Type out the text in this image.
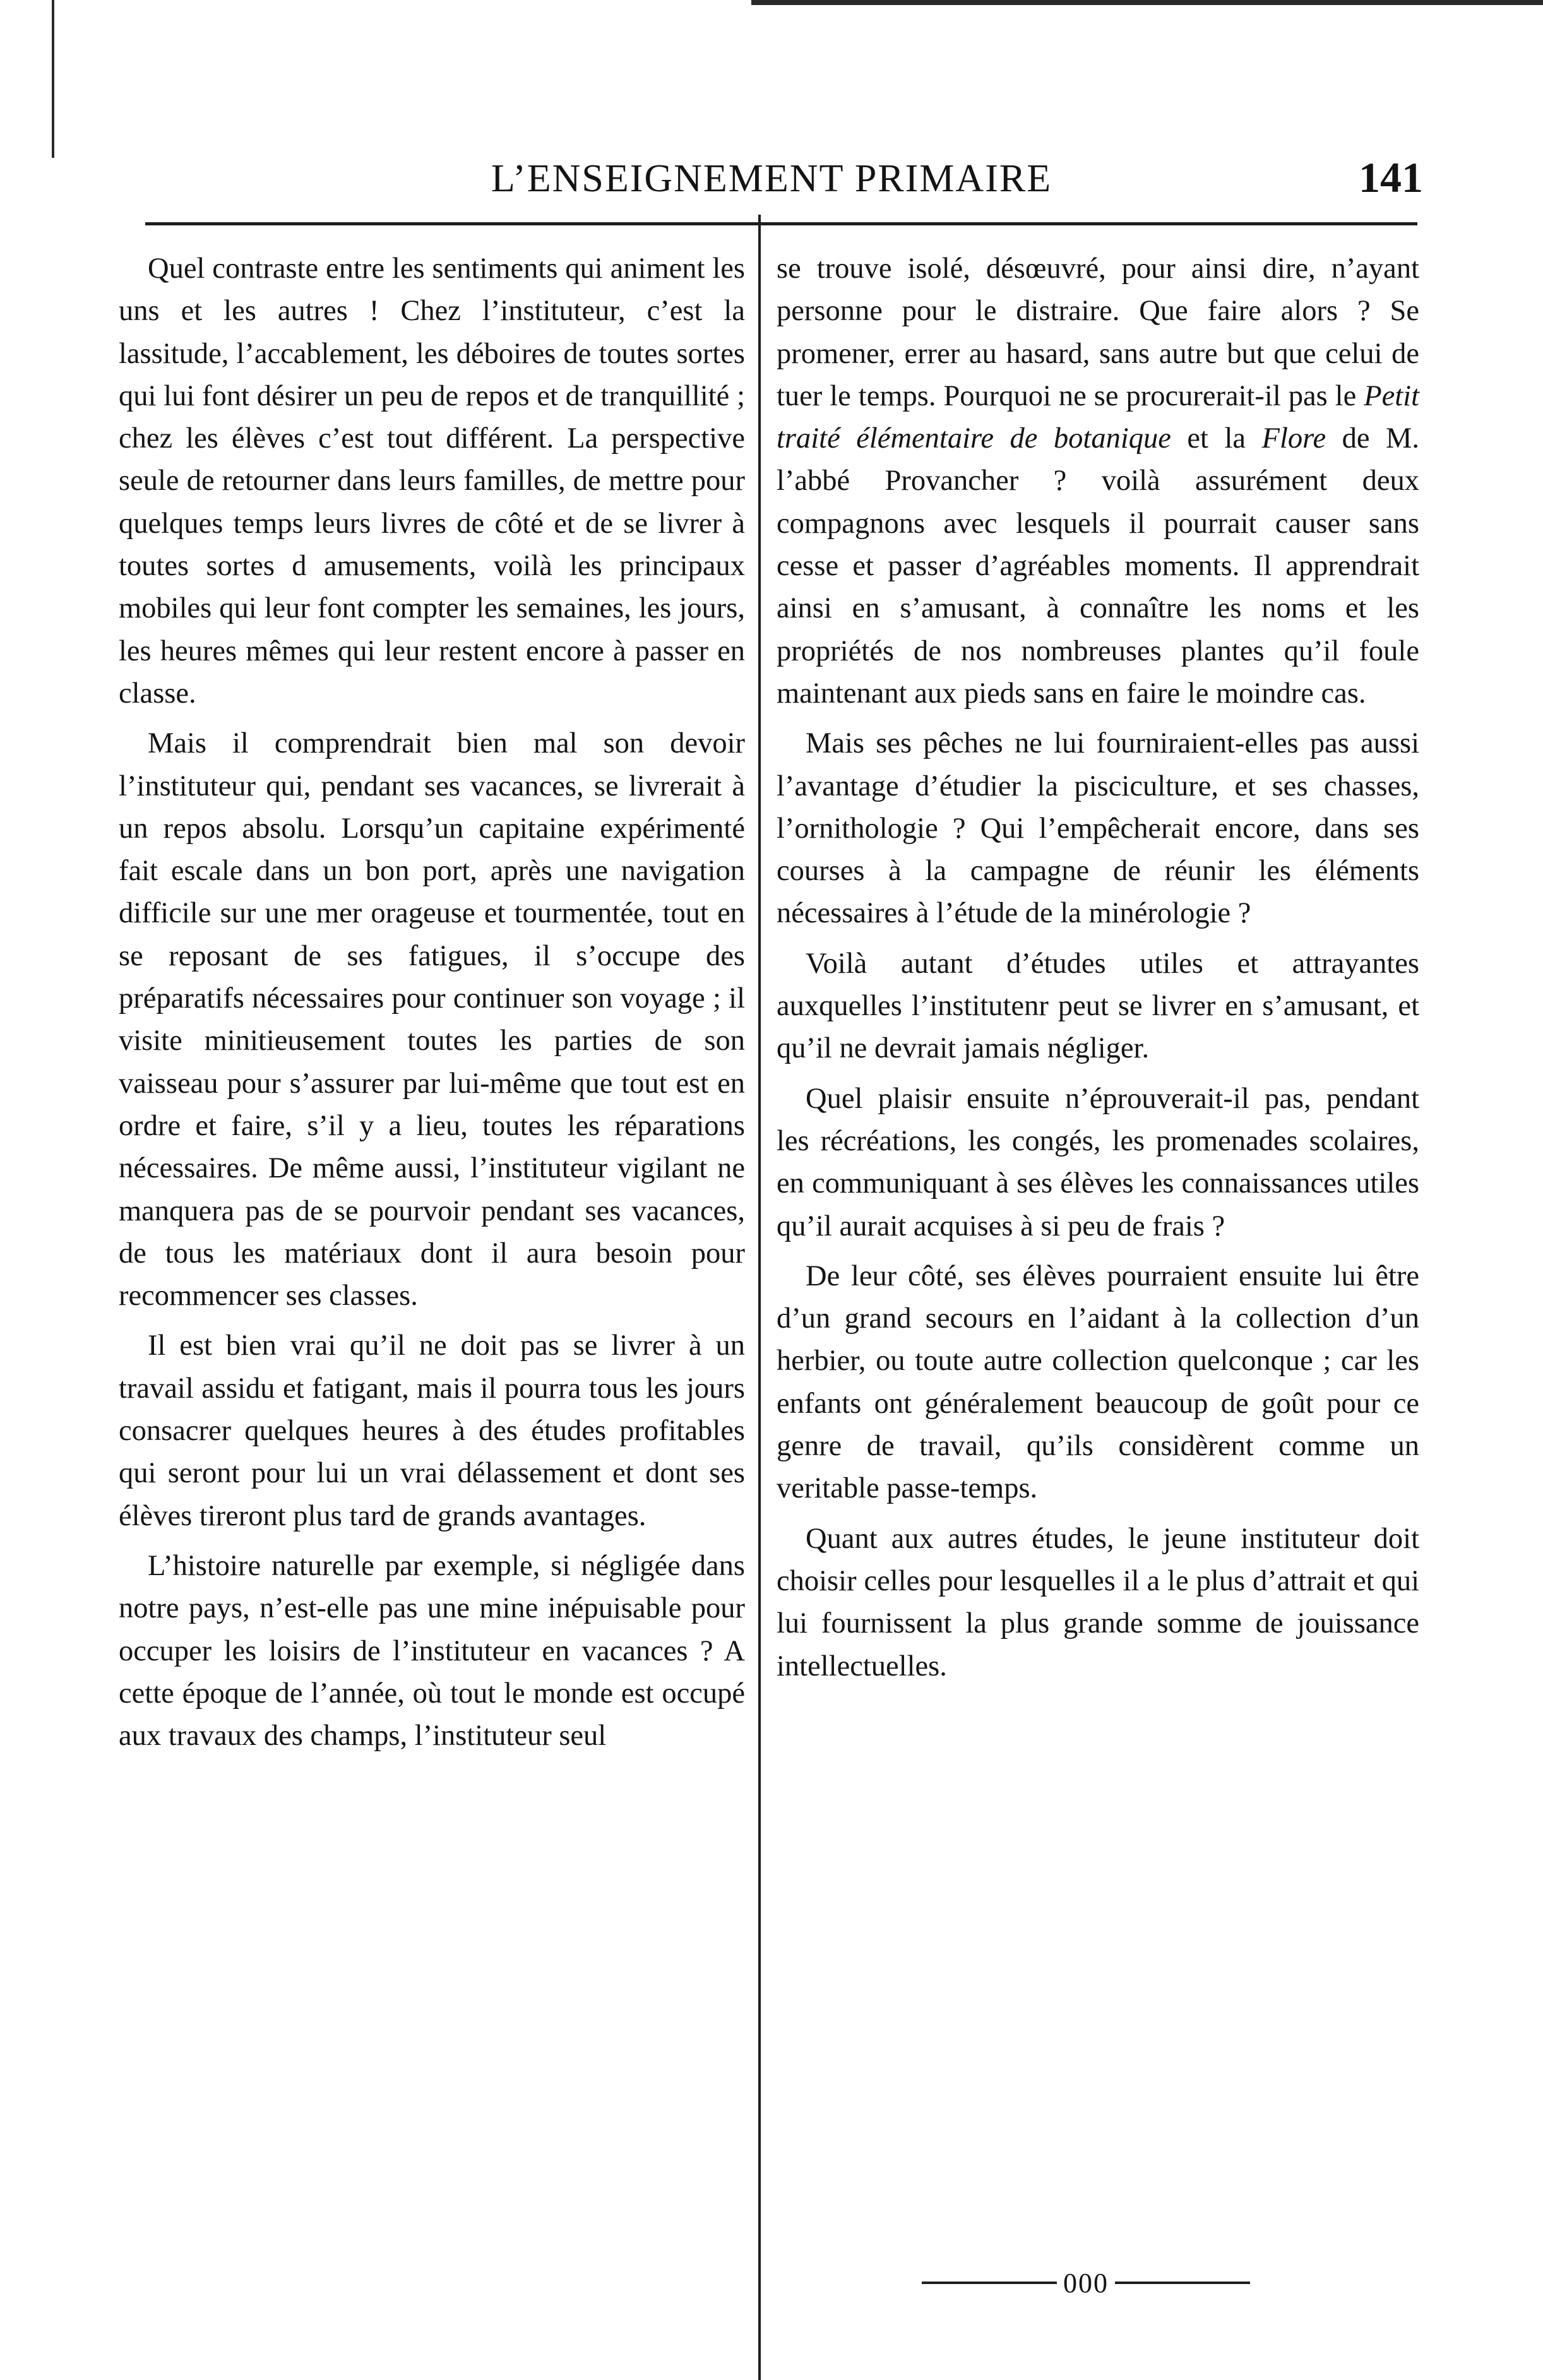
L’ENSEIGNEMENT PRIMAIRE	141

Quel contraste entre les sentiments qui animent les uns et les autres ! Chez l’instituteur, c’est la lassitude, l’accablement, les déboires de toutes sortes qui lui font désirer un peu de repos et de tranquillité ; chez les élèves c’est tout différent. La perspective seule de retourner dans leurs familles, de mettre pour quelques temps leurs livres de côté et de se livrer à toutes sortes d amusements, voilà les principaux mobiles qui leur font compter les semaines, les jours, les heures mêmes qui leur restent encore à passer en classe.

Mais il comprendrait bien mal son devoir l’instituteur qui, pendant ses vacances, se livrerait à un repos absolu. Lorsqu’un capitaine expérimenté fait escale dans un bon port, après une navigation difficile sur une mer orageuse et tourmentée, tout en se reposant de ses fatigues, il s’occupe des préparatifs nécessaires pour continuer son voyage ; il visite minitieusement toutes les parties de son vaisseau pour s’assurer par lui-même que tout est en ordre et faire, s’il y a lieu, toutes les réparations nécessaires. De même aussi, l’instituteur vigilant ne manquera pas de se pourvoir pendant ses vacances, de tous les matériaux dont il aura besoin pour recommencer ses classes.

Il est bien vrai qu’il ne doit pas se livrer à un travail assidu et fatigant, mais il pourra tous les jours consacrer quelques heures à des études profitables qui seront pour lui un vrai délassement et dont ses élèves tireront plus tard de grands avantages.

L’histoire naturelle par exemple, si négligée dans notre pays, n’est-elle pas une mine inépuisable pour occuper les loisirs de l’instituteur en vacances ? A cette époque de l’année, où tout le monde est occupé aux travaux des champs, l’instituteur seul

se trouve isolé, désœuvré, pour ainsi dire, n’ayant personne pour le distraire. Que faire alors ? Se promener, errer au hasard, sans autre but que celui de tuer le temps. Pourquoi ne se procurerait-il pas le Petit traité élémentaire de botanique et la Flore de M. l’abbé Provancher ? voilà assurément deux compagnons avec lesquels il pourrait causer sans cesse et passer d’agréables moments. Il apprendrait ainsi en s’amusant, à connaître les noms et les propriétés de nos nombreuses plantes qu’il foule maintenant aux pieds sans en faire le moindre cas.

Mais ses pêches ne lui fourniraient-elles pas aussi l’avantage d’étudier la pisciculture, et ses chasses, l’ornithologie ? Qui l’empêcherait encore, dans ses courses à la campagne de réunir les éléments nécessaires à l’étude de la minérologie ?

Voilà autant d’études utiles et attrayantes auxquelles l’institutenr peut se livrer en s’amusant, et qu’il ne devrait jamais négliger.

Quel plaisir ensuite n’éprouverait-il pas, pendant les récréations, les congés, les promenades scolaires, en communiquant à ses élèves les connaissances utiles qu’il aurait acquises à si peu de frais ?

De leur côté, ses élèves pourraient ensuite lui être d’un grand secours en l’aidant à la collection d’un herbier, ou toute autre collection quelconque ; car les enfants ont généralement beaucoup de goût pour ce genre de travail, qu’ils considèrent comme un veritable passe-temps.

Quant aux autres études, le jeune instituteur doit choisir celles pour lesquelles il a le plus d’attrait et qui lui fournissent la plus grande somme de jouissance intellectuelles.

000
